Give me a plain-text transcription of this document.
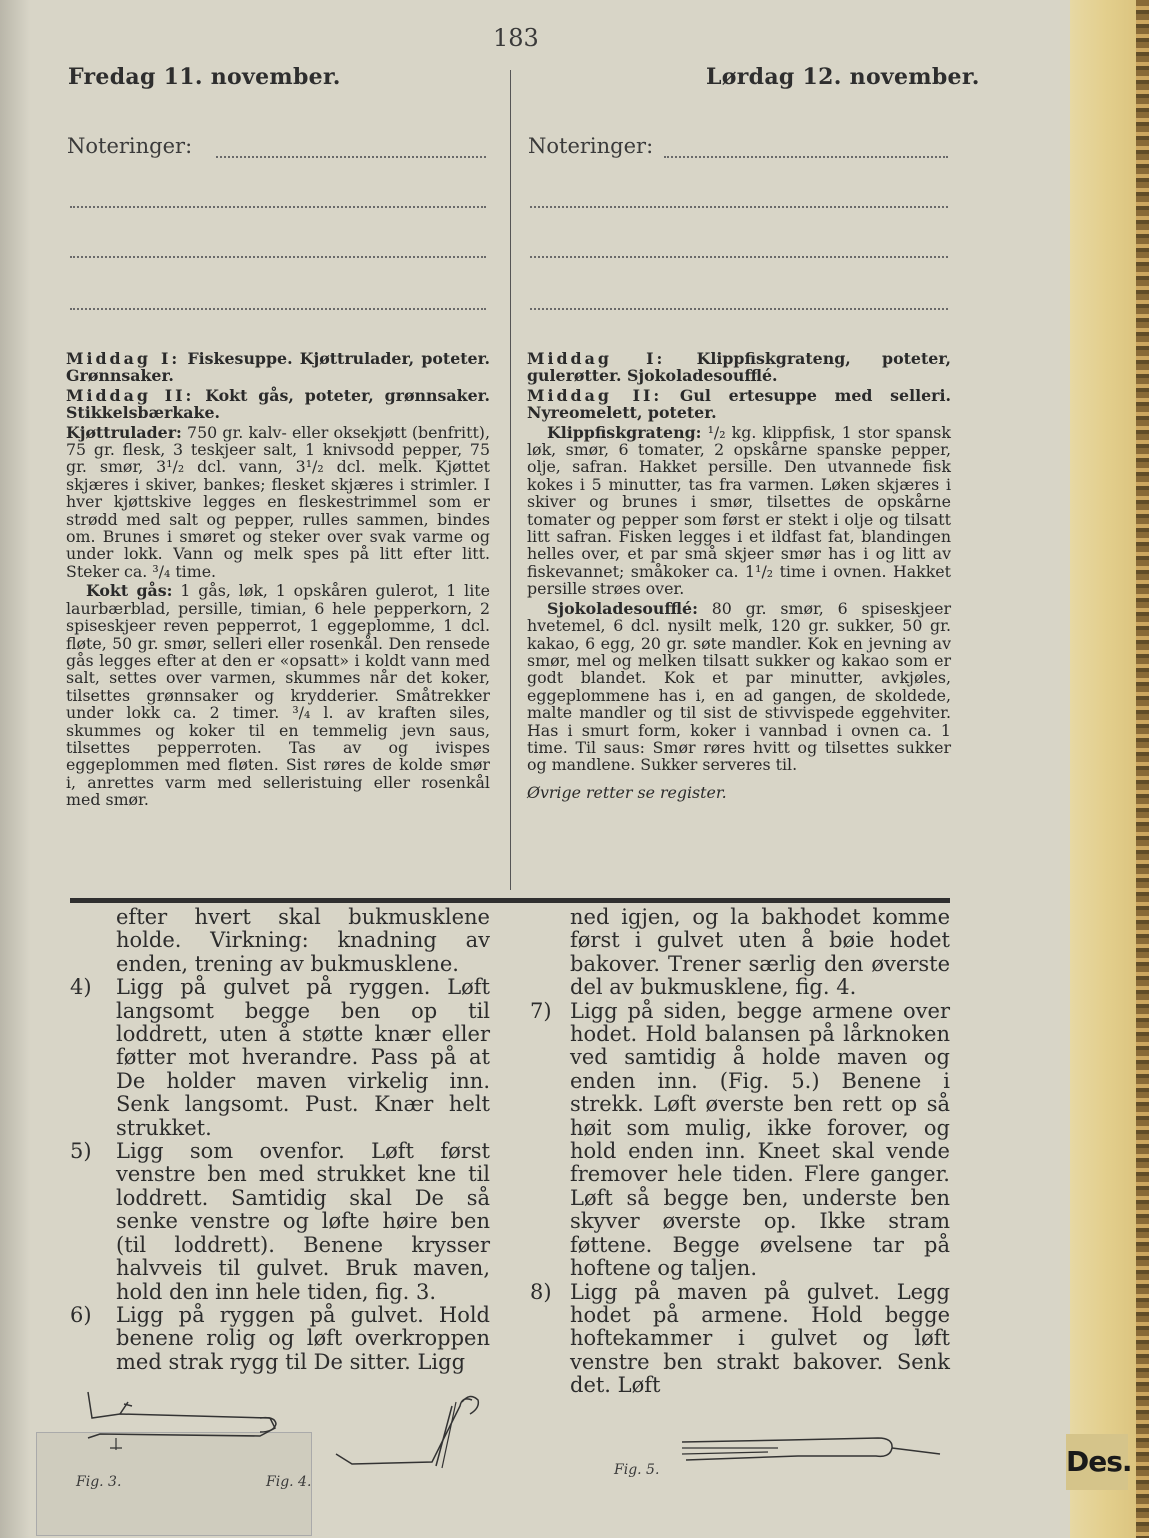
183
Fredag 11. november.	Lørdag 12. november.
Noteringer:	Noteringer:

Middag I: Fiskesuppe. Kjøttrulader, poteter. Grønnsaker.

Middag II: Kokt gås, poteter, grønnsaker. Stikkelsbærkake.

Kjøttrulader: 750 gr. kalv- eller oksekjøtt (benfritt), 75 gr. flesk, 3 teskjeer salt, 1 knivsodd pepper, 75 gr. smør, 3¹/₂ dcl. vann, 3¹/₂ dcl. melk. Kjøttet skjæres i skiver, bankes; flesket skjæres i strimler. I hver kjøttskive legges en fleskestrimmel som er strødd med salt og pepper, rulles sammen, bindes om. Brunes i smøret og steker over svak varme og under lokk. Vann og melk spes på litt efter litt. Steker ca. ³/₄ time.

Kokt gås: 1 gås, løk, 1 opskåren gulerot, 1 lite laurbærblad, persille, timian, 6 hele pepperkorn, 2 spiseskjeer reven pepperrot, 1 eggeplomme, 1 dcl. fløte, 50 gr. smør, selleri eller rosenkål. Den rensede gås legges efter at den er «opsatt» i koldt vann med salt, settes over varmen, skummes når det koker, tilsettes grønnsaker og krydderier. Småtrekker under lokk ca. 2 timer. ³/₄ l. av kraften siles, skummes og koker til en temmelig jevn saus, tilsettes pepperroten. Tas av og ivispes eggeplommen med fløten. Sist røres de kolde smør i, anrettes varm med selleristuing eller rosenkål med smør.

Middag I: Klippfiskgrateng, poteter, gulerøtter. Sjokoladesoufflé.

Middag II: Gul ertesuppe med selleri. Nyreomelett, poteter.

Klippfiskgrateng: ¹/₂ kg. klippfisk, 1 stor spansk løk, smør, 6 tomater, 2 opskårne spanske pepper, olje, safran. Hakket persille. Den utvannede fisk kokes i 5 minutter, tas fra varmen. Løken skjæres i skiver og brunes i smør, tilsettes de opskårne tomater og pepper som først er stekt i olje og tilsatt litt safran. Fisken legges i et ildfast fat, blandingen helles over, et par små skjeer smør has i og litt av fiskevannet; småkoker ca. 1¹/₂ time i ovnen. Hakket persille strøes over.

Sjokoladesoufflé: 80 gr. smør, 6 spiseskjeer hvetemel, 6 dcl. nysilt melk, 120 gr. sukker, 50 gr. kakao, 6 egg, 20 gr. søte mandler. Kok en jevning av smør, mel og melken tilsatt sukker og kakao som er godt blandet. Kok et par minutter, avkjøles, eggeplommene has i, en ad gangen, de skoldede, malte mandler og til sist de stivvispede eggehviter. Has i smurt form, koker i vannbad i ovnen ca. 1 time. Til saus: Smør røres hvitt og tilsettes sukker og mandlene. Sukker serveres til.

Øvrige retter se register.

efter hvert skal bukmusklene holde. Virkning: knadning av enden, trening av bukmusklene.

4) Ligg på gulvet på ryggen. Løft langsomt begge ben op til loddrett, uten å støtte knær eller føtter mot hverandre. Pass på at De holder maven virkelig inn. Senk langsomt. Pust. Knær helt strukket.

5) Ligg som ovenfor. Løft først venstre ben med strukket kne til loddrett. Samtidig skal De så senke venstre og løfte høire ben (til loddrett). Benene krysser halvveis til gulvet. Bruk maven, hold den inn hele tiden, fig. 3.

6) Ligg på ryggen på gulvet. Hold benene rolig og løft overkroppen med strak rygg til De sitter. Ligg

ned igjen, og la bakhodet komme først i gulvet uten å bøie hodet bakover. Trener særlig den øverste del av bukmusklene, fig. 4.

7) Ligg på siden, begge armene over hodet. Hold balansen på lårknoken ved samtidig å holde maven og enden inn. (Fig. 5.) Benene i strekk. Løft øverste ben rett op så høit som mulig, ikke forover, og hold enden inn. Kneet skal vende fremover hele tiden. Flere ganger. Løft så begge ben, underste ben skyver øverste op. Ikke stram føttene. Begge øvelsene tar på hoftene og taljen.

8) Ligg på maven på gulvet. Legg hodet på armene. Hold begge hoftekammer i gulvet og løft venstre ben strakt bakover. Senk det. Løft

Fig. 3.	Fig. 4.
Fig. 5.	Des.
